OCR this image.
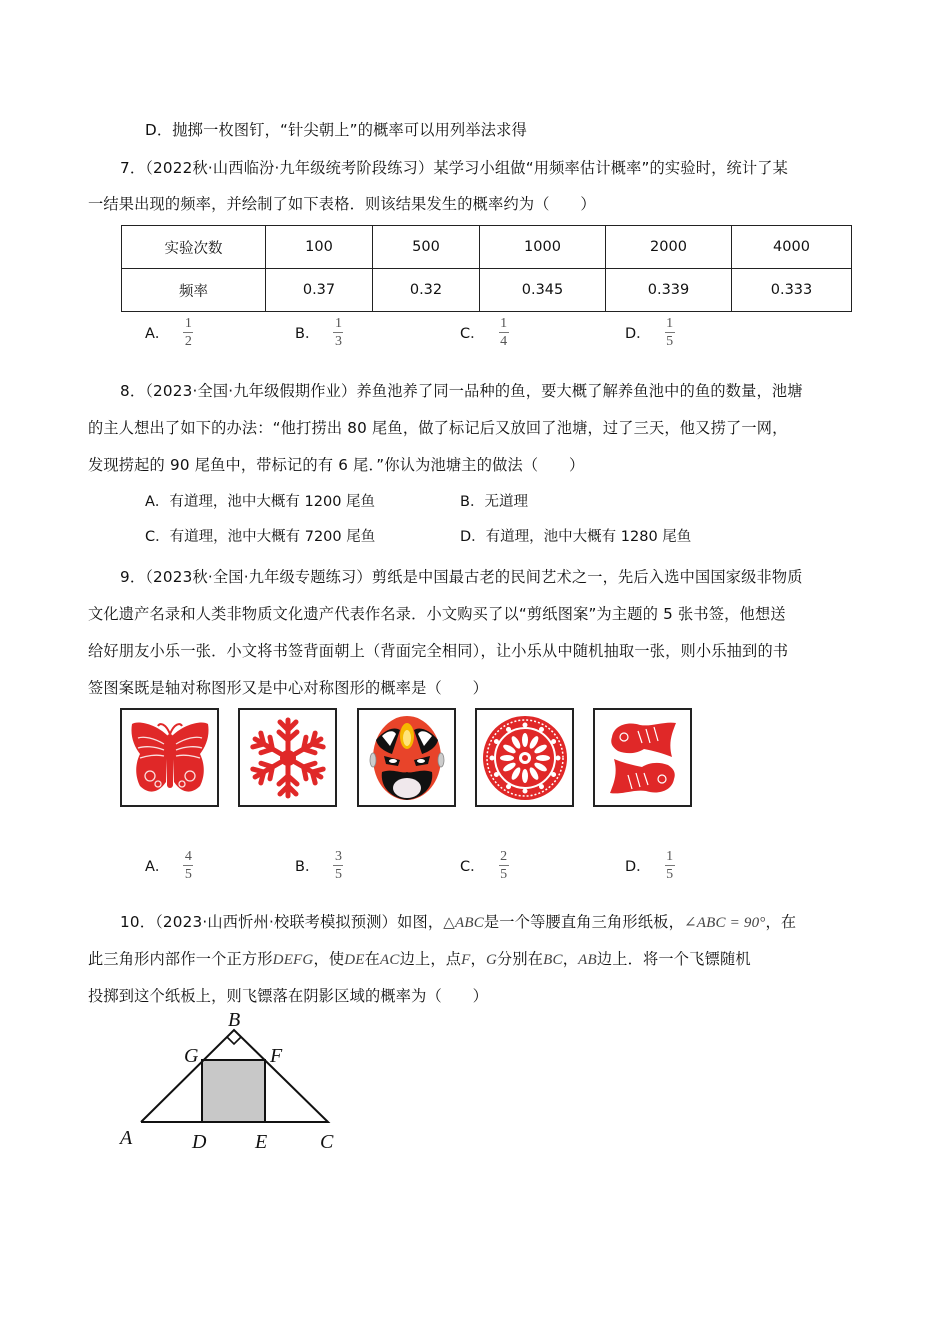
D．抛掷一枚图钉，“针尖朝上”的概率可以用列举法求得
7．（2022秋·山西临汾·九年级统考阶段练习）某学习小组做“用频率估计概率”的实验时，统计了某
一结果出现的频率，并绘制了如下表格．则该结果发生的概率约为（　　）
实验次数	100	500	1000	2000	4000
频率	0.37	0.32	0.345	0.339	0.333
A． $\frac{1}{2}$	B． $\frac{1}{3}$	C． $\frac{1}{4}$	D． $\frac{1}{5}$
8．（2023·全国·九年级假期作业）养鱼池养了同一品种的鱼，要大概了解养鱼池中的鱼的数量，池塘
的主人想出了如下的办法：“他打捞出 80 尾鱼，做了标记后又放回了池塘，过了三天，他又捞了一网，
发现捞起的 90 尾鱼中，带标记的有 6 尾．”你认为池塘主的做法（　　）
A． 有道理，池中大概有 1200 尾鱼	B． 无道理
C． 有道理，池中大概有 7200 尾鱼	D． 有道理，池中大概有 1280 尾鱼
9．（2023秋·全国·九年级专题练习）剪纸是中国最古老的民间艺术之一，先后入选中国国家级非物质
文化遗产名录和人类非物质文化遗产代表作名录．小文购买了以“剪纸图案”为主题的 5 张书签，他想送
给好朋友小乐一张．小文将书签背面朝上（背面完全相同），让小乐从中随机抽取一张，则小乐抽到的书
签图案既是轴对称图形又是中心对称图形的概率是（　　）
A． $\frac{4}{5}$	B． $\frac{3}{5}$	C． $\frac{2}{5}$	D． $\frac{1}{5}$
10．（2023·山西忻州·校联考模拟预测）如图，△ABC是一个等腰直角三角形纸板，∠ABC = 90°，在
此三角形内部作一个正方形DEFG，使DE在AC边上，点F，G分别在BC，AB边上．将一个飞镖随机
投掷到这个纸板上，则飞镖落在阴影区域的概率为（　　）
B
G	F
A	D E	C
